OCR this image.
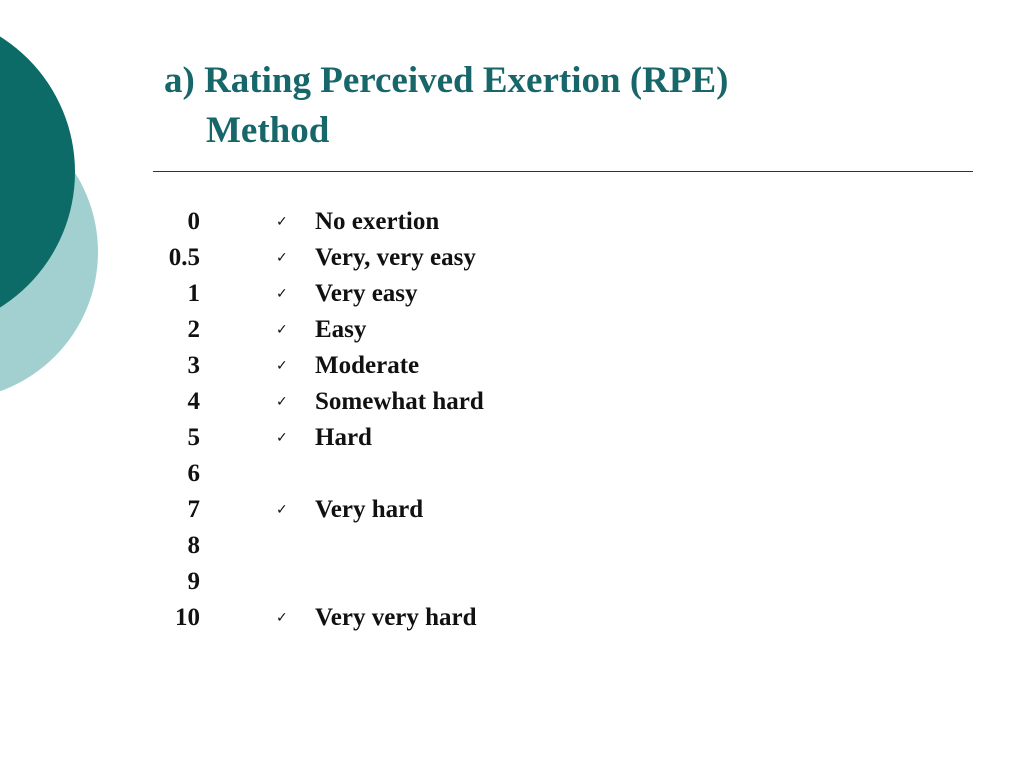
a) Rating Perceived Exertion (RPE)
Method
0	✓	No exertion
0.5	✓	Very, very easy
1	✓	Very easy
2	✓	Easy
3	✓	Moderate
4	✓	Somewhat hard
5	✓	Hard
6
7	✓	Very hard
8
9
10	✓	Very very hard
